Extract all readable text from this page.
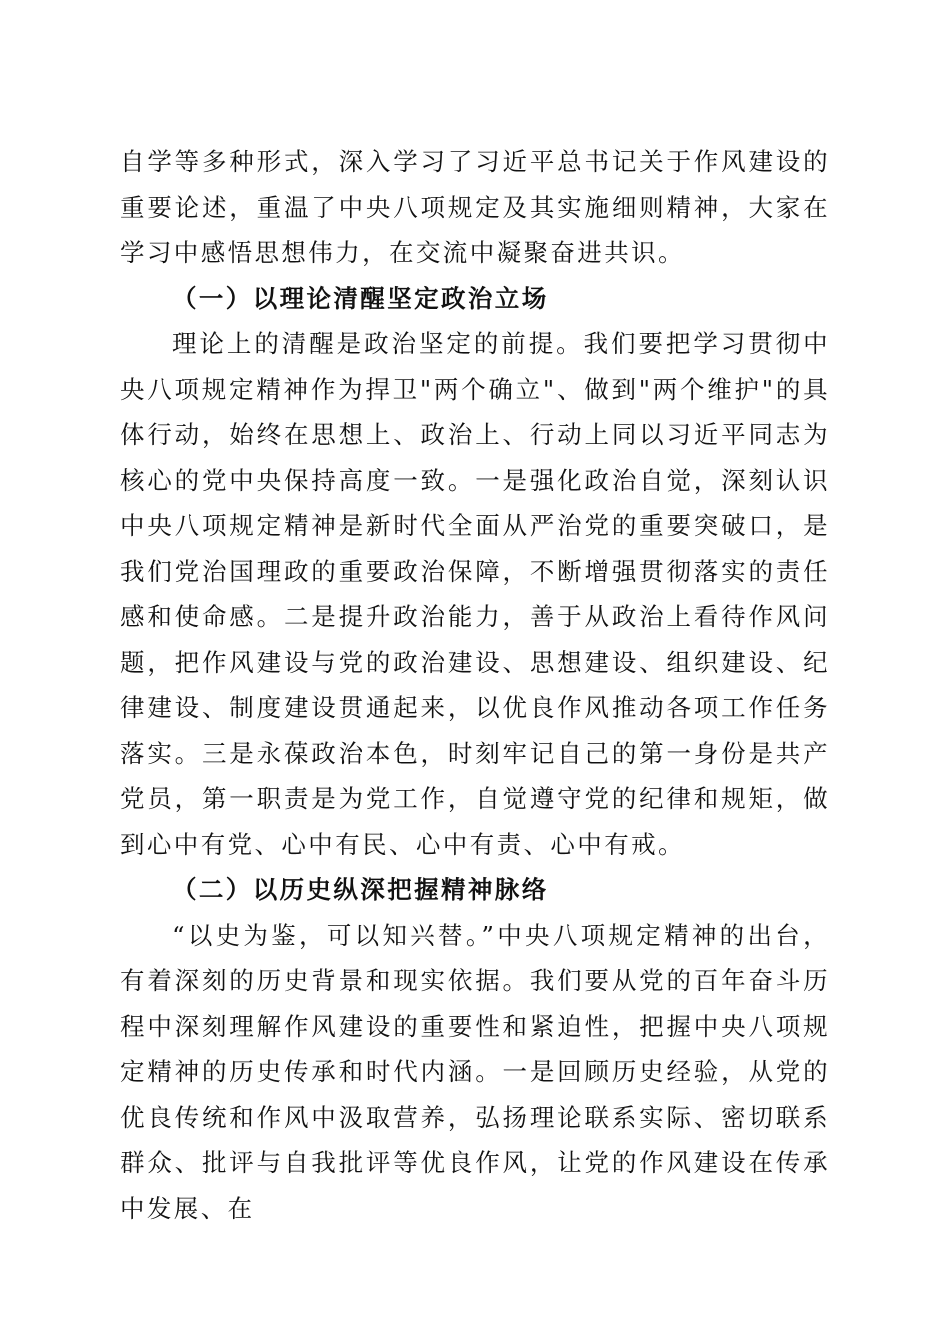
自学等多种形式，深入学习了习近平总书记关于作风建设的重要论述，重温了中央八项规定及其实施细则精神，大家在学习中感悟思想伟力，在交流中凝聚奋进共识。

（一）以理论清醒坚定政治立场

理论上的清醒是政治坚定的前提。我们要把学习贯彻中央八项规定精神作为捍卫"两个确立"、做到"两个维护"的具体行动，始终在思想上、政治上、行动上同以习近平同志为核心的党中央保持高度一致。一是强化政治自觉，深刻认识中央八项规定精神是新时代全面从严治党的重要突破口，是我们党治国理政的重要政治保障，不断增强贯彻落实的责任感和使命感。二是提升政治能力，善于从政治上看待作风问题，把作风建设与党的政治建设、思想建设、组织建设、纪律建设、制度建设贯通起来，以优良作风推动各项工作任务落实。三是永葆政治本色，时刻牢记自己的第一身份是共产党员，第一职责是为党工作，自觉遵守党的纪律和规矩，做到心中有党、心中有民、心中有责、心中有戒。

（二）以历史纵深把握精神脉络

“以史为鉴，可以知兴替。”中央八项规定精神的出台，有着深刻的历史背景和现实依据。我们要从党的百年奋斗历程中深刻理解作风建设的重要性和紧迫性，把握中央八项规定精神的历史传承和时代内涵。一是回顾历史经验，从党的优良传统和作风中汲取营养，弘扬理论联系实际、密切联系群众、批评与自我批评等优良作风，让党的作风建设在传承中发展、在
